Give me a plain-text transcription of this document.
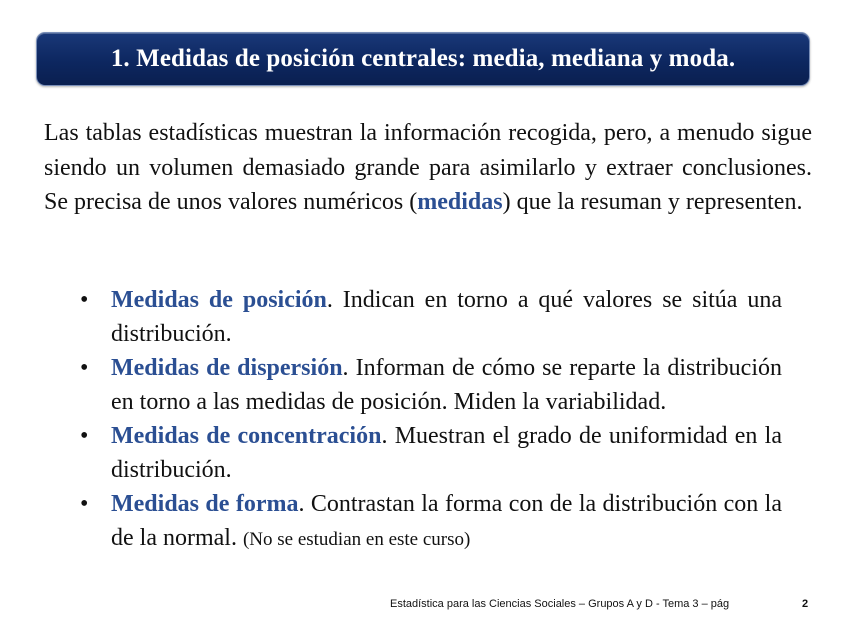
1. Medidas de posición centrales: media, mediana y moda.

Las tablas estadísticas muestran la información recogida, pero, a menudo sigue siendo un volumen demasiado grande para asimilarlo y extraer conclusiones. Se precisa de unos valores numéricos (medidas) que la resuman y representen.

• Medidas de posición. Indican en torno a qué valores se sitúa una distribución.
• Medidas de dispersión. Informan de cómo se reparte la distribución en torno a las medidas de posición. Miden la variabilidad.
• Medidas de concentración. Muestran el grado de uniformidad en la distribución.
• Medidas de forma. Contrastan la forma con de la distribución con la de la normal. (No se estudian en este curso)
Estadística para las Ciencias Sociales – Grupos A y D - Tema 3 – pág	2
